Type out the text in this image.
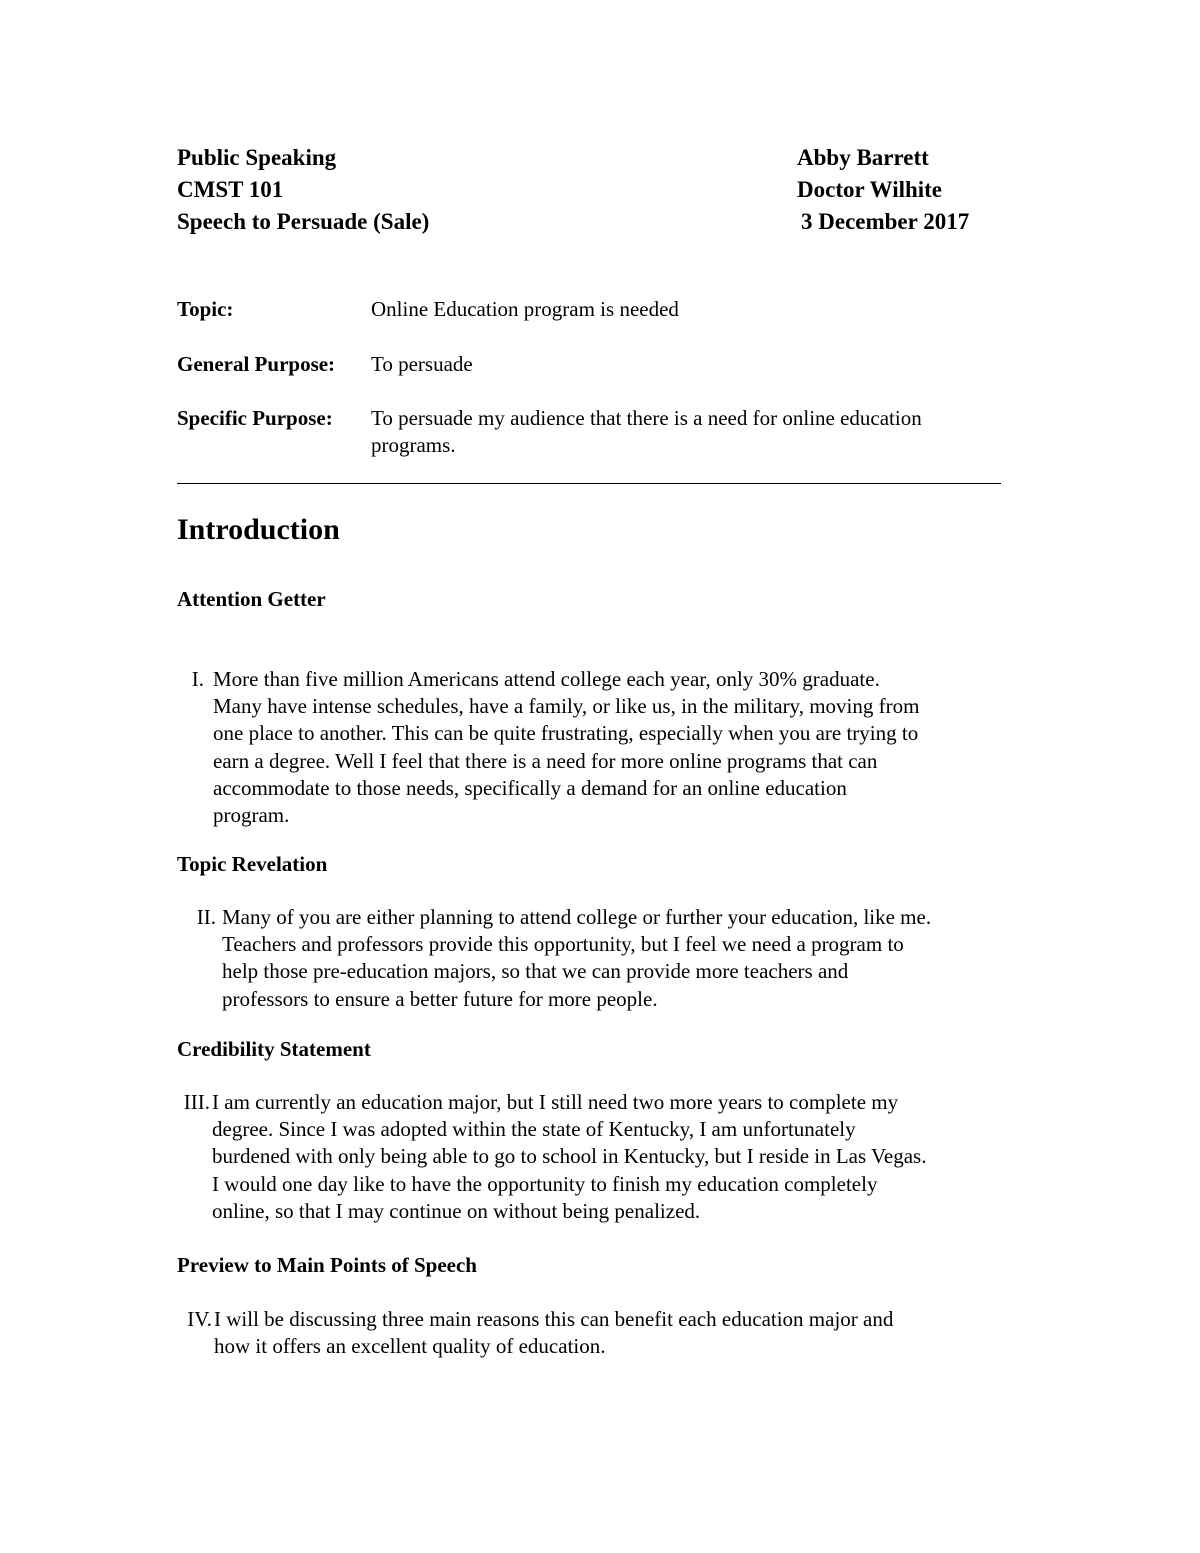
Public Speaking	Abby Barrett
CMST 101	Doctor Wilhite
Speech to Persuade (Sale)	3 December 2017
Topic:	Online Education program is needed
General Purpose: To persuade
Specific Purpose: To persuade my audience that there is a need for online education
programs.
Introduction
Attention Getter
I. More than five million Americans attend college each year, only 30% graduate.
Many have intense schedules, have a family, or like us, in the military, moving from
one place to another. This can be quite frustrating, especially when you are trying to
earn a degree. Well I feel that there is a need for more online programs that can
accommodate to those needs, specifically a demand for an online education
program.
Topic Revelation
II. Many of you are either planning to attend college or further your education, like me.
Teachers and professors provide this opportunity, but I feel we need a program to
help those pre-education majors, so that we can provide more teachers and
professors to ensure a better future for more people.
Credibility Statement
III. I am currently an education major, but I still need two more years to complete my
degree. Since I was adopted within the state of Kentucky, I am unfortunately
burdened with only being able to go to school in Kentucky, but I reside in Las Vegas.
I would one day like to have the opportunity to finish my education completely
online, so that I may continue on without being penalized.
Preview to Main Points of Speech
IV. I will be discussing three main reasons this can benefit each education major and
how it offers an excellent quality of education.
